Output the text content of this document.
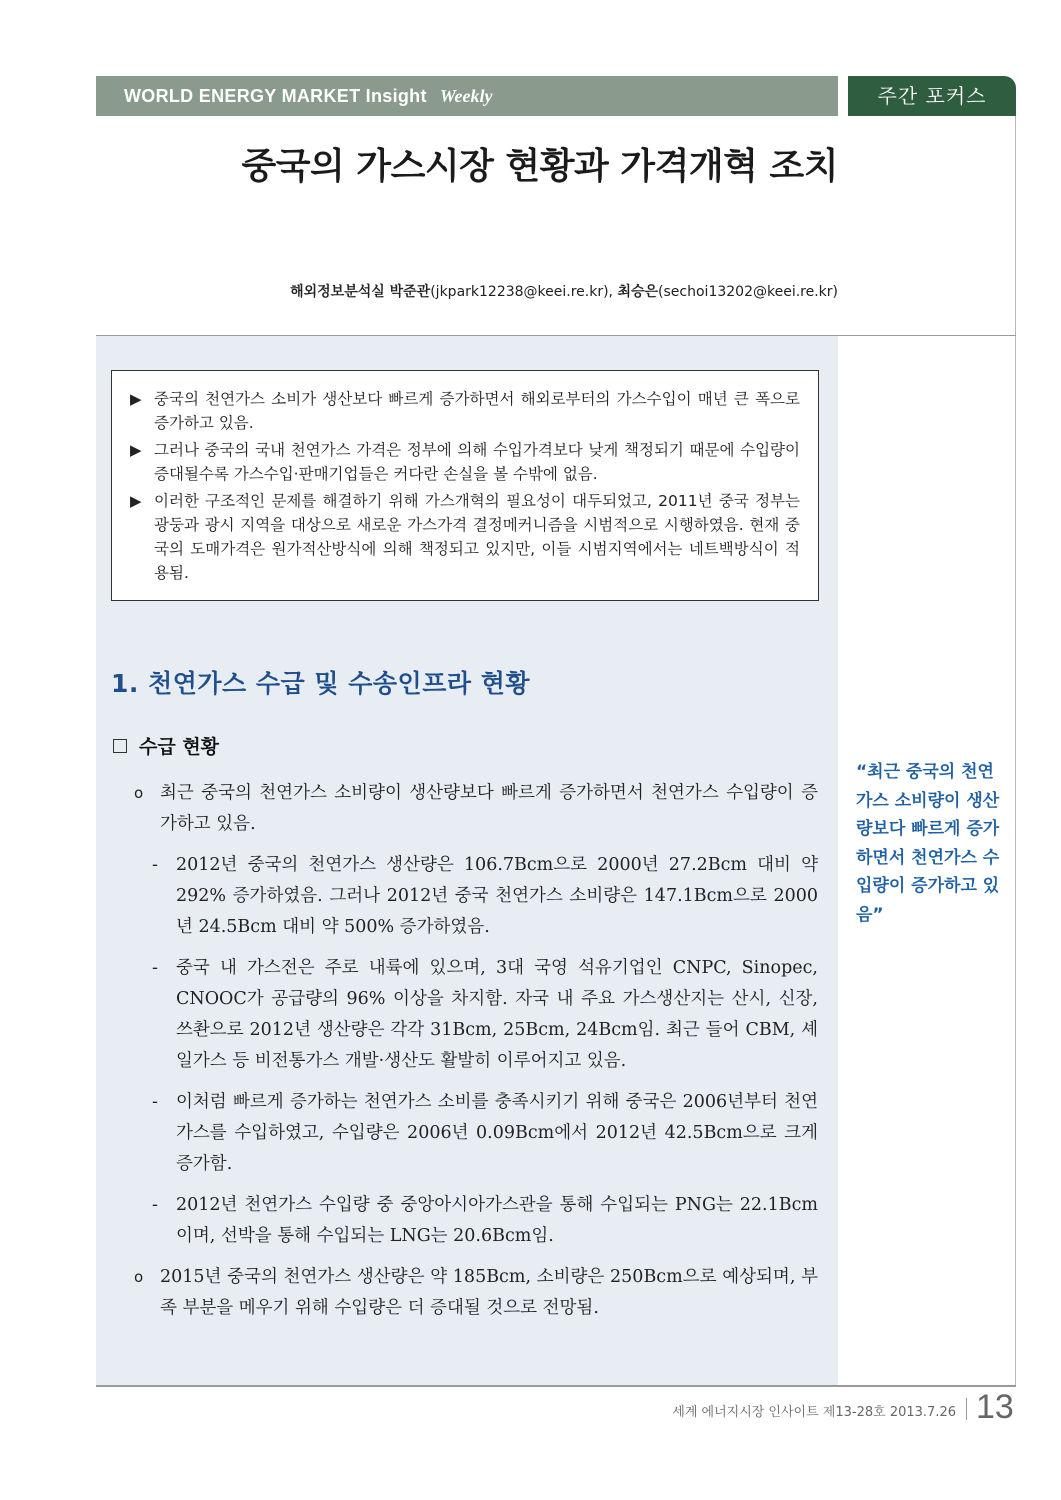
WORLD ENERGY MARKET Insight Weekly	주간 포커스
중국의 가스시장 현황과 가격개혁 조치
해외정보분석실 박준관(jkpark12238@keei.re.kr), 최승은(sechoi13202@keei.re.kr)
▶ 중국의 천연가스 소비가 생산보다 빠르게 증가하면서 해외로부터의 가스수입이 매년 큰 폭으로 증가하고 있음.
▶ 그러나 중국의 국내 천연가스 가격은 정부에 의해 수입가격보다 낮게 책정되기 때문에 수입량이 증대될수록 가스수입·판매기업들은 커다란 손실을 볼 수밖에 없음.
▶ 이러한 구조적인 문제를 해결하기 위해 가스개혁의 필요성이 대두되었고, 2011년 중국 정부는 광둥과 광시 지역을 대상으로 새로운 가스가격 결정메커니즘을 시범적으로 시행하였음. 현재 중국의 도매가격은 원가적산방식에 의해 책정되고 있지만, 이들 시범지역에서는 네트백방식이 적용됨.
1. 천연가스 수급 및 수송인프라 현황
수급 현황
o 최근 중국의 천연가스 소비량이 생산량보다 빠르게 증가하면서 천연가스 수입량이 증가하고 있음.
-	2012년 중국의 천연가스 생산량은 106.7Bcm으로 2000년 27.2Bcm 대비 약 292% 증가하였음. 그러나 2012년 중국 천연가스 소비량은 147.1Bcm으로 2000년 24.5Bcm 대비 약 500% 증가하였음.
-	중국 내 가스전은 주로 내륙에 있으며, 3대 국영 석유기업인 CNPC, Sinopec, CNOOC가 공급량의 96% 이상을 차지함. 자국 내 주요 가스생산지는 산시, 신장, 쓰촨으로 2012년 생산량은 각각 31Bcm, 25Bcm, 24Bcm임. 최근 들어 CBM, 셰일가스 등 비전통가스 개발·생산도 활발히 이루어지고 있음.
-	이처럼 빠르게 증가하는 천연가스 소비를 충족시키기 위해 중국은 2006년부터 천연가스를 수입하였고, 수입량은 2006년 0.09Bcm에서 2012년 42.5Bcm으로 크게 증가함.
-	2012년 천연가스 수입량 중 중앙아시아가스관을 통해 수입되는 PNG는 22.1Bcm이며, 선박을 통해 수입되는 LNG는 20.6Bcm임.
o 2015년 중국의 천연가스 생산량은 약 185Bcm, 소비량은 250Bcm으로 예상되며, 부족 부분을 메우기 위해 수입량은 더 증대될 것으로 전망됨.
“최근 중국의 천연가스 소비량이 생산량보다 빠르게 증가하면서 천연가스 수입량이 증가하고 있음”
세계 에너지시장 인사이트 제13-28호 2013.7.26 13
